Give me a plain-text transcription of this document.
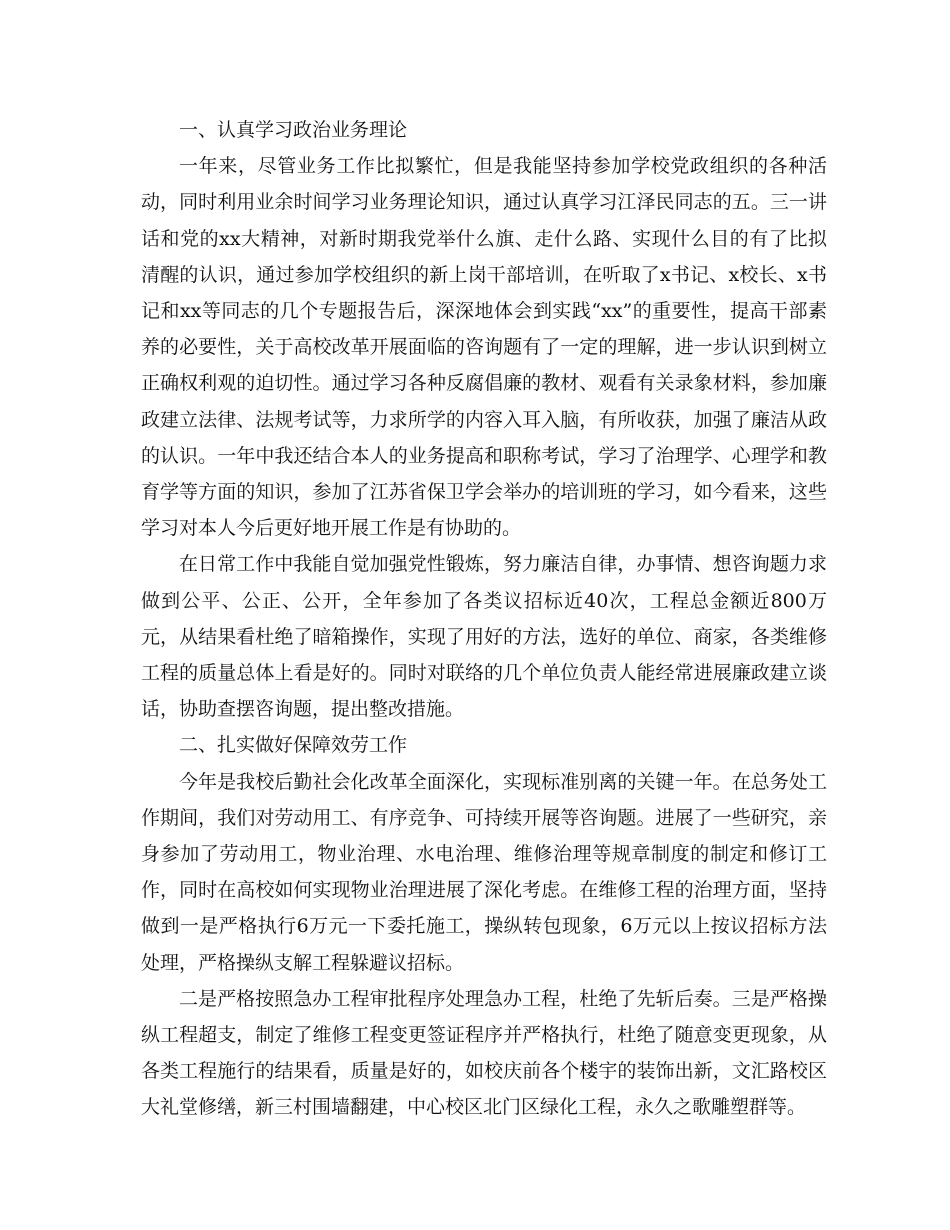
一、认真学习政治业务理论

一年来，尽管业务工作比拟繁忙，但是我能坚持参加学校党政组织的各种活动，同时利用业余时间学习业务理论知识，通过认真学习江泽民同志的五。三一讲话和党的xx大精神，对新时期我党举什么旗、走什么路、实现什么目的有了比拟清醒的认识，通过参加学校组织的新上岗干部培训，在听取了x书记、x校长、x书记和xx等同志的几个专题报告后，深深地体会到实践“xx”的重要性，提高干部素养的必要性，关于高校改革开展面临的咨询题有了一定的理解，进一步认识到树立正确权利观的迫切性。通过学习各种反腐倡廉的教材、观看有关录象材料，参加廉政建立法律、法规考试等，力求所学的内容入耳入脑，有所收获，加强了廉洁从政的认识。一年中我还结合本人的业务提高和职称考试，学习了治理学、心理学和教育学等方面的知识，参加了江苏省保卫学会举办的培训班的学习，如今看来，这些学习对本人今后更好地开展工作是有协助的。

在日常工作中我能自觉加强党性锻炼，努力廉洁自律，办事情、想咨询题力求做到公平、公正、公开，全年参加了各类议招标近40次，工程总金额近800万元，从结果看杜绝了暗箱操作，实现了用好的方法，选好的单位、商家，各类维修工程的质量总体上看是好的。同时对联络的几个单位负责人能经常进展廉政建立谈话，协助查摆咨询题，提出整改措施。

二、扎实做好保障效劳工作

今年是我校后勤社会化改革全面深化，实现标准别离的关键一年。在总务处工作期间，我们对劳动用工、有序竞争、可持续开展等咨询题。进展了一些研究，亲身参加了劳动用工，物业治理、水电治理、维修治理等规章制度的制定和修订工作，同时在高校如何实现物业治理进展了深化考虑。在维修工程的治理方面，坚持做到一是严格执行6万元一下委托施工，操纵转包现象，6万元以上按议招标方法处理，严格操纵支解工程躲避议招标。

二是严格按照急办工程审批程序处理急办工程，杜绝了先斩后奏。三是严格操纵工程超支，制定了维修工程变更签证程序并严格执行，杜绝了随意变更现象，从各类工程施行的结果看，质量是好的，如校庆前各个楼宇的装饰出新，文汇路校区大礼堂修缮，新三村围墙翻建，中心校区北门区绿化工程，永久之歌雕塑群等。
